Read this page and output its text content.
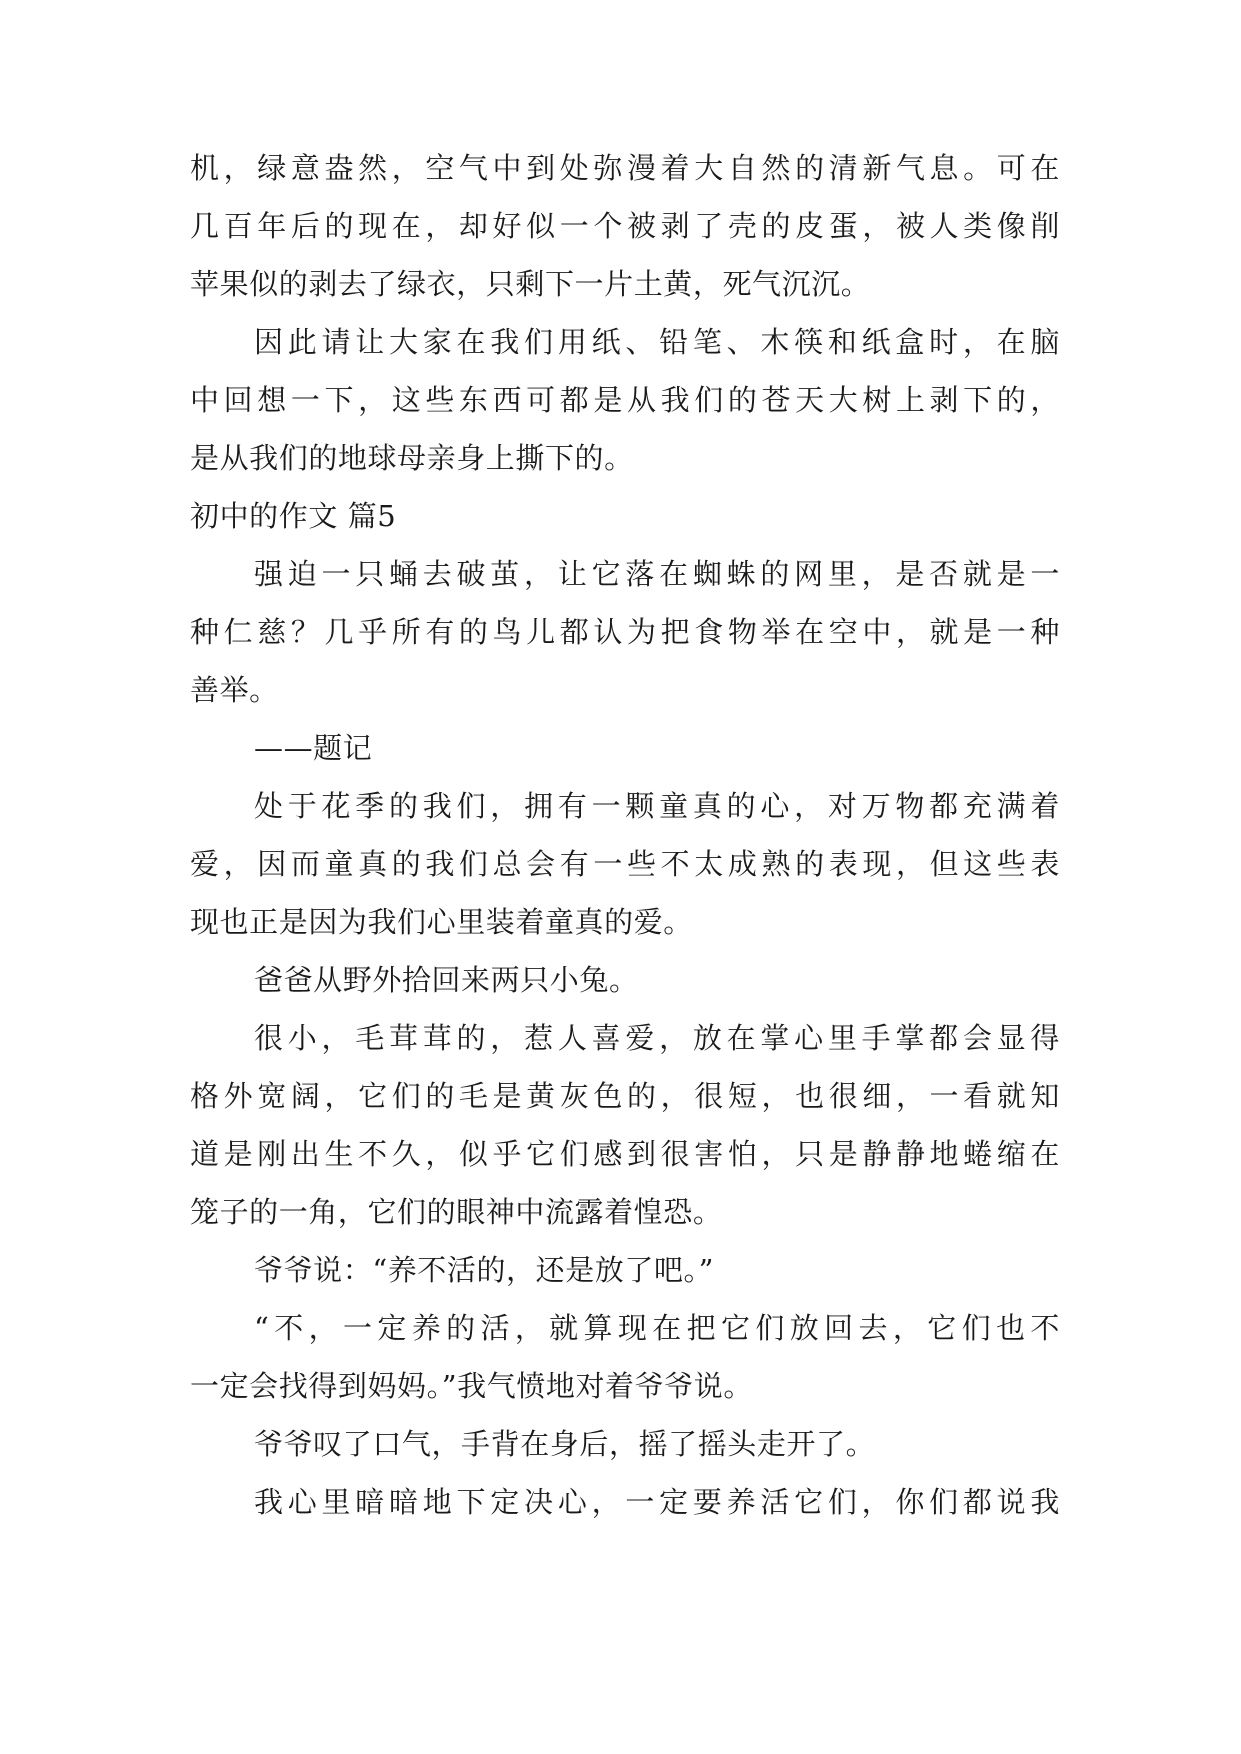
机，绿意盎然，空气中到处弥漫着大自然的清新气息。可在
几百年后的现在，却好似一个被剥了壳的皮蛋，被人类像削
苹果似的剥去了绿衣，只剩下一片土黄，死气沉沉。
因此请让大家在我们用纸、铅笔、木筷和纸盒时，在脑
中回想一下，这些东西可都是从我们的苍天大树上剥下的，
是从我们的地球母亲身上撕下的。
初中的作文 篇5
强迫一只蛹去破茧，让它落在蜘蛛的网里，是否就是一
种仁慈？几乎所有的鸟儿都认为把食物举在空中，就是一种
善举。
——题记
处于花季的我们，拥有一颗童真的心，对万物都充满着
爱，因而童真的我们总会有一些不太成熟的表现，但这些表
现也正是因为我们心里装着童真的爱。
爸爸从野外拾回来两只小兔。
很小，毛茸茸的，惹人喜爱，放在掌心里手掌都会显得
格外宽阔，它们的毛是黄灰色的，很短，也很细，一看就知
道是刚出生不久，似乎它们感到很害怕，只是静静地蜷缩在
笼子的一角，它们的眼神中流露着惶恐。
爷爷说：“养不活的，还是放了吧。”
“不，一定养的活，就算现在把它们放回去，它们也不
一定会找得到妈妈。”我气愤地对着爷爷说。
爷爷叹了口气，手背在身后，摇了摇头走开了。
我心里暗暗地下定决心，一定要养活它们，你们都说我
